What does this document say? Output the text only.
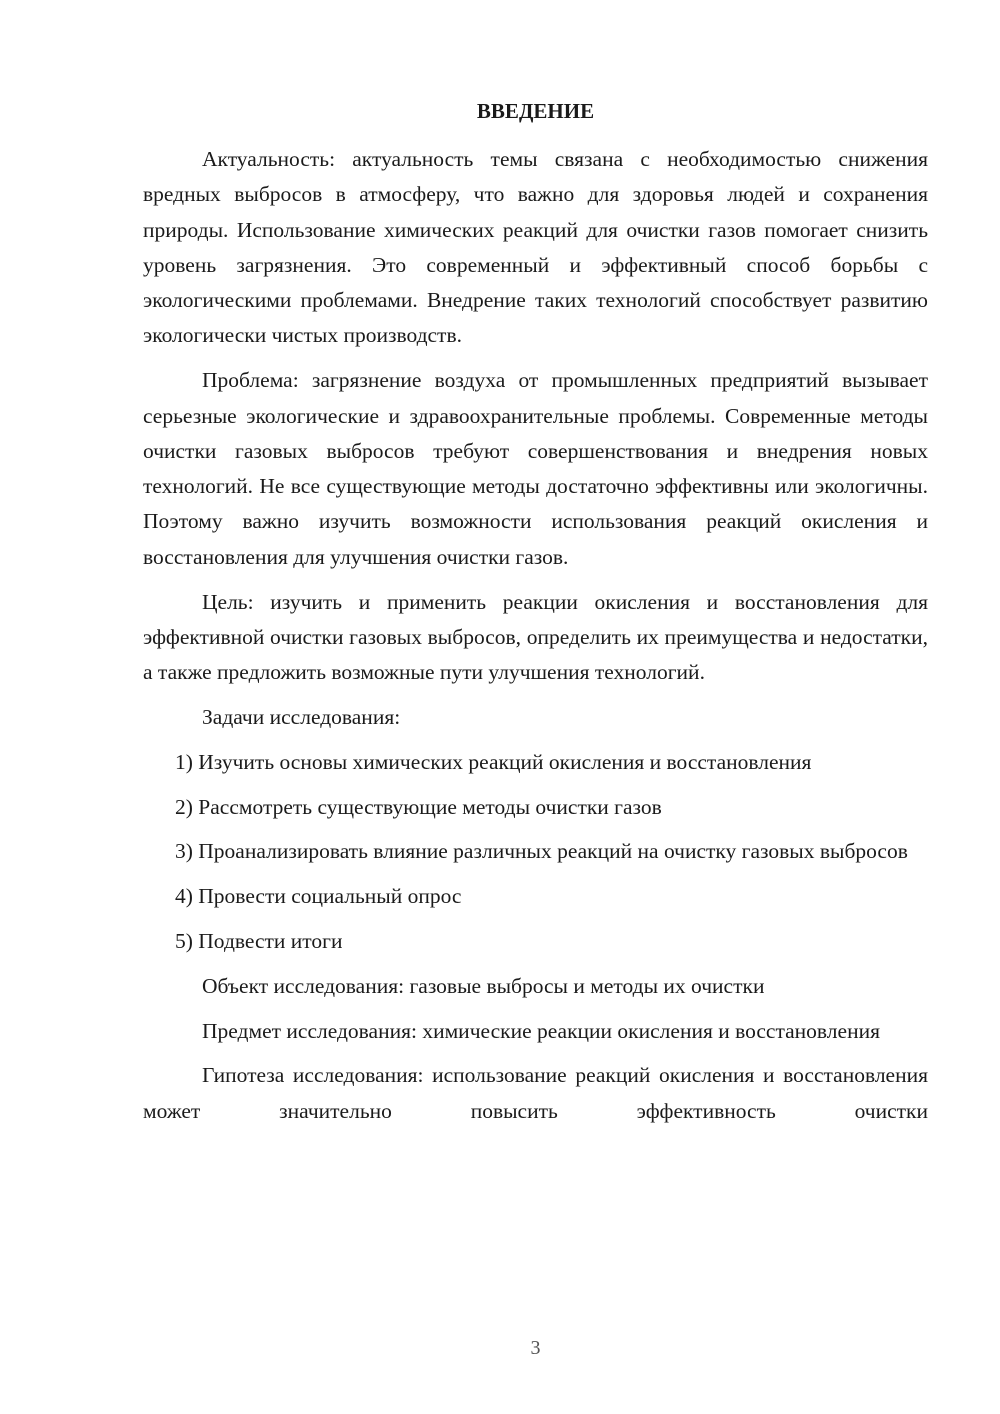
ВВЕДЕНИЕ

Актуальность: актуальность темы связана с необходимостью снижения вредных выбросов в атмосферу, что важно для здоровья людей и сохранения природы. Использование химических реакций для очистки газов помогает снизить уровень загрязнения. Это современный и эффективный способ борьбы с экологическими проблемами. Внедрение таких технологий способствует развитию экологически чистых производств.

Проблема: загрязнение воздуха от промышленных предприятий вызывает серьезные экологические и здравоохранительные проблемы. Современные методы очистки газовых выбросов требуют совершенствования и внедрения новых технологий. Не все существующие методы достаточно эффективны или экологичны. Поэтому важно изучить возможности использования реакций окисления и восстановления для улучшения очистки газов.

Цель: изучить и применить реакции окисления и восстановления для эффективной очистки газовых выбросов, определить их преимущества и недостатки, а также предложить возможные пути улучшения технологий.

Задачи исследования:

1) Изучить основы химических реакций окисления и восстановления

2) Рассмотреть существующие методы очистки газов

3) Проанализировать влияние различных реакций на очистку газовых выбросов

4) Провести социальный опрос

5) Подвести итоги

Объект исследования: газовые выбросы и методы их очистки

Предмет исследования: химические реакции окисления и восстановления

Гипотеза исследования: использование реакций окисления и восстановления может значительно повысить эффективность очистки

3
